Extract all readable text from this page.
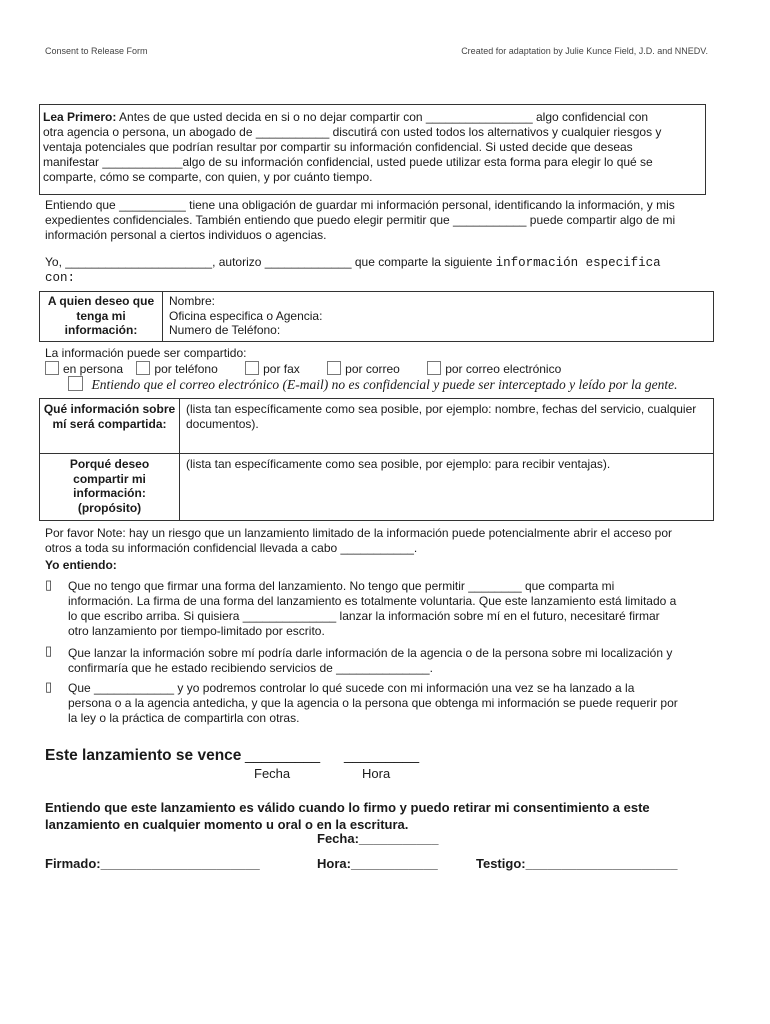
Consent to Release Form	Created for adaptation by Julie Kunce Field, J.D. and NNEDV.
Lea Primero: Antes de que usted decida en si o no dejar compartir con ________________ algo confidencial con
otra agencia o persona, un abogado de ___________ discutirá con usted todos los alternativos y cualquier riesgos y
ventaja potenciales que podrían resultar por compartir su información confidencial. Si usted decide que deseas
manifestar ____________algo de su información confidencial, usted puede utilizar esta forma para elegir lo qué se
comparte, cómo se comparte, con quien, y por cuánto tiempo.
Entiendo que __________ tiene una obligación de guardar mi información personal, identificando la información, y mis
expedientes confidenciales. También entiendo que puedo elegir permitir que ___________ puede compartir algo de mi
información personal a ciertos individuos o agencias.
Yo, ______________________, autorizo _____________ que comparte la siguiente información especifica
con:
A quien deseo que tenga mi información:	
Nombre:
Oficina especifica o Agencia:
Numero de Teléfono:
La información puede ser compartido:
en persona	por teléfono	por fax	por correo	por correo electrónico
Entiendo que el correo electrónico (E-mail) no es confidencial y puede ser interceptado y leído por la gente.
Qué información sobre mí será compartida:	(lista tan específicamente como sea posible, por ejemplo: nombre, fechas del servicio, cualquier documentos).
Porqué deseo compartir mi información: (propósito)	(lista tan específicamente como sea posible, por ejemplo: para recibir ventajas).
Por favor Note: hay un riesgo que un lanzamiento limitado de la información puede potencialmente abrir el acceso por
otros a toda su información confidencial llevada a cabo ___________.
Yo entiendo:
▯ Que no tengo que firmar una forma del lanzamiento. No tengo que permitir ________ que comparta mi
información. La firma de una forma del lanzamiento es totalmente voluntaria. Que este lanzamiento está limitado a
lo que escribo arriba. Si quisiera ______________ lanzar la información sobre mí en el futuro, necesitaré firmar
otro lanzamiento por tiempo-limitado por escrito.
▯ Que lanzar la información sobre mí podría darle información de la agencia o de la persona sobre mi localización y
confirmaría que he estado recibiendo servicios de ______________.
▯ Que ____________ y yo podremos controlar lo qué sucede con mi información una vez se ha lanzado a la
persona o a la agencia antedicha, y que la agencia o la persona que obtenga mi información se puede requerir por
la ley o la práctica de compartirla con otras.
Este lanzamiento se vence _________ _________
Fecha	Hora
Entiendo que este lanzamiento es válido cuando lo firmo y puedo retirar mi consentimiento a este
lanzamiento en cualquier momento u oral o en la escritura.
Fecha:___________
Firmado:______________________	Hora:____________	Testigo:_____________________
